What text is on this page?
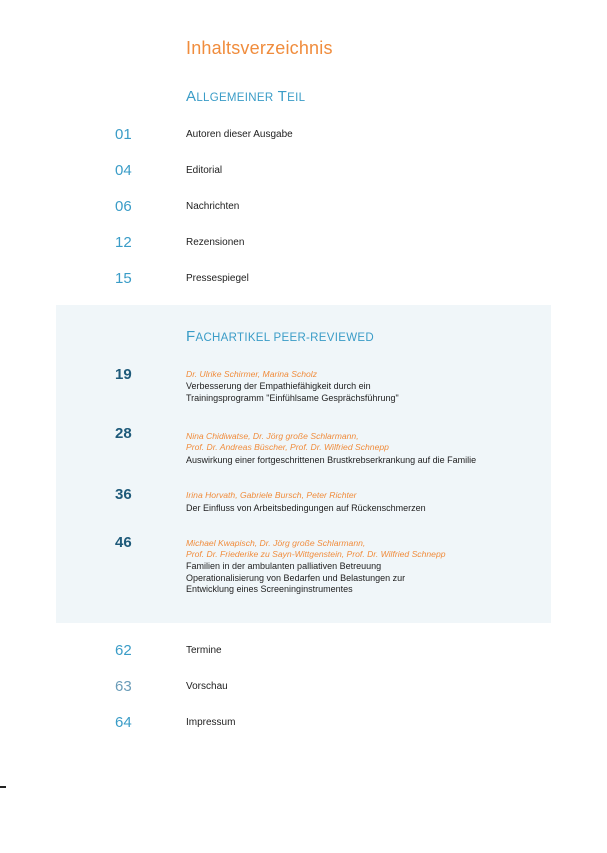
Inhaltsverzeichnis
ALLGEMEINER TEIL
01	Autoren dieser Ausgabe
04	Editorial
06	Nachrichten
12	Rezensionen
15	Pressespiegel
FACHARTIKEL PEER-REVIEWED
19	Dr. Ulrike Schirmer, Marina Scholz
Verbesserung der Empathiefähigkeit durch ein
Trainingsprogramm "Einfühlsame Gesprächsführung"
28	Nina Chidiwatse, Dr. Jörg große Schlarmann,
Prof. Dr. Andreas Büscher, Prof. Dr. Wilfried Schnepp
Auswirkung einer fortgeschrittenen Brustkrebserkrankung auf die Familie
36	Irina Horvath, Gabriele Bursch, Peter Richter
Der Einfluss von Arbeitsbedingungen auf Rückenschmerzen
46	Michael Kwapisch, Dr. Jörg große Schlarmann,
Prof. Dr. Friederike zu Sayn-Wittgenstein, Prof. Dr. Wilfried Schnepp
Familien in der ambulanten palliativen Betreuung
Operationalisierung von Bedarfen und Belastungen zur
Entwicklung eines Screeninginstrumentes
62	Termine
63	Vorschau
64	Impressum
